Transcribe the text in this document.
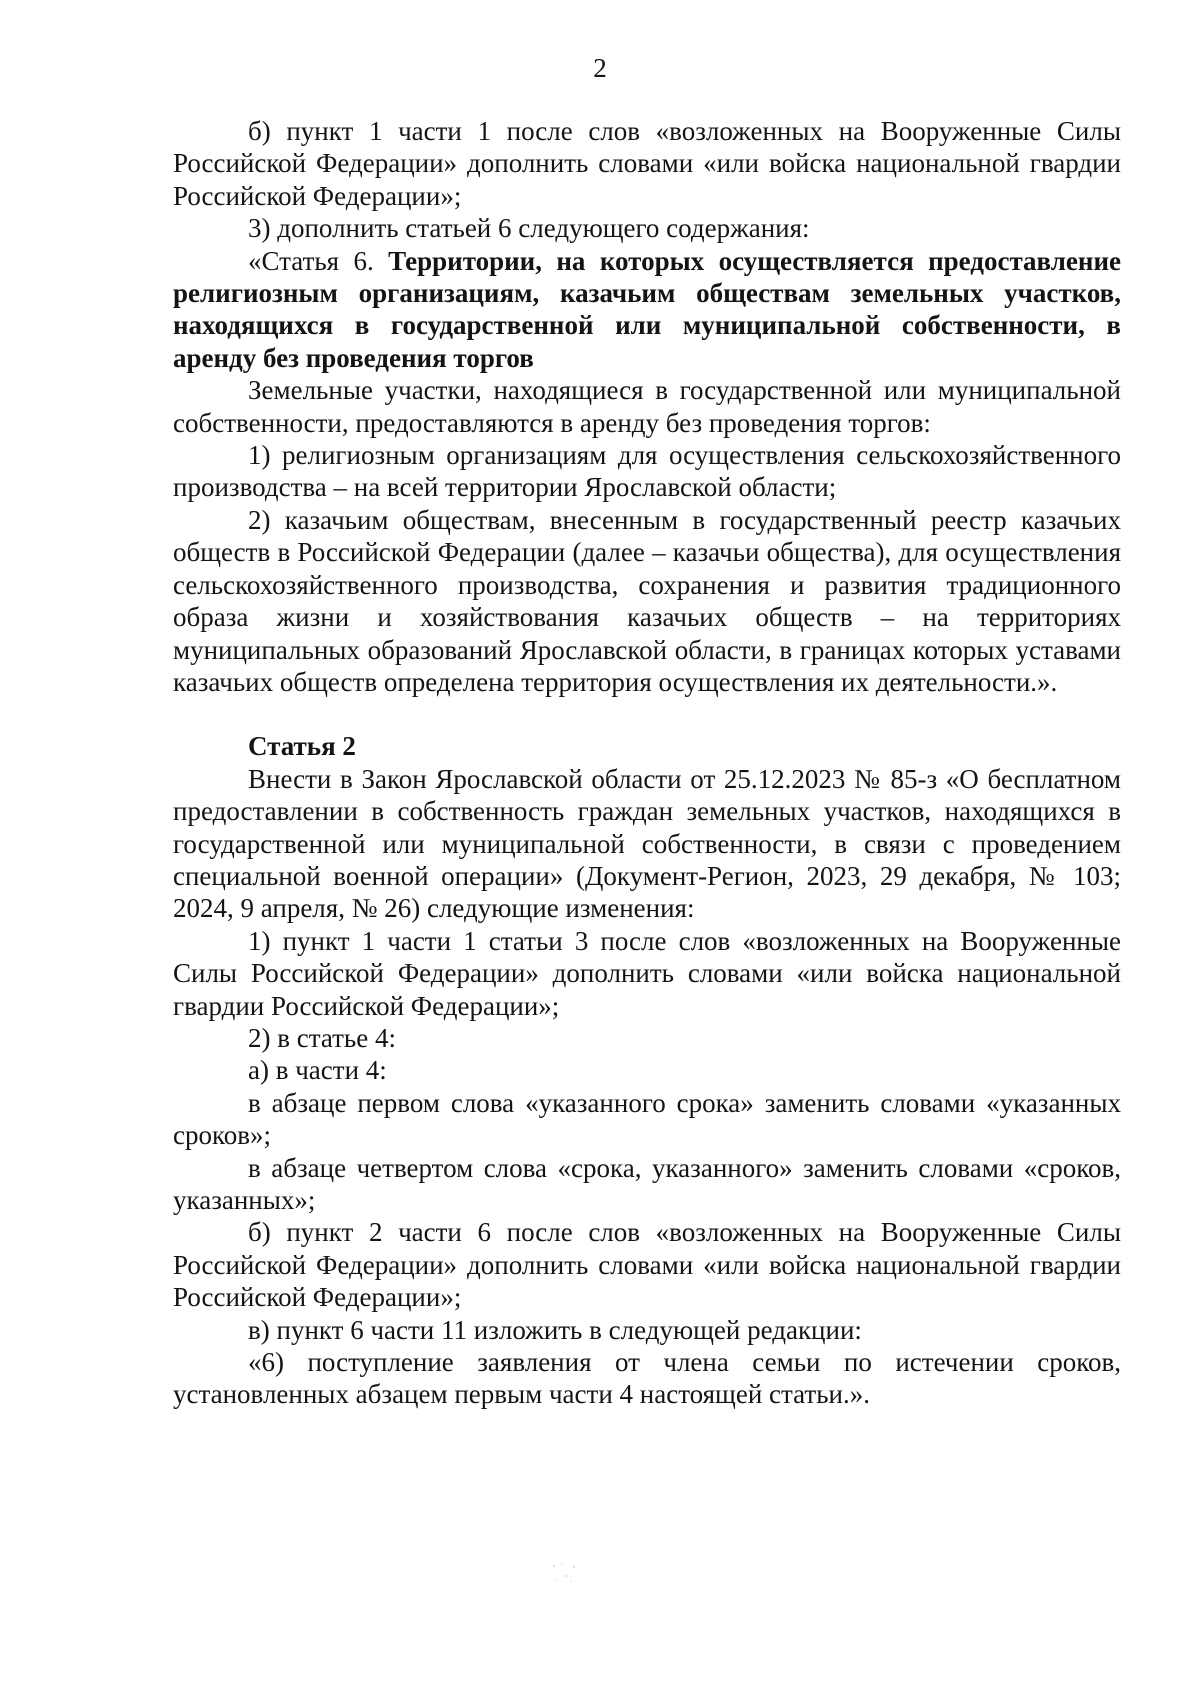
2

б) пункт 1 части 1 после слов «возложенных на Вооруженные Силы Российской Федерации» дополнить словами «или войска национальной гвардии Российской Федерации»;

3) дополнить статьей 6 следующего содержания:

«Статья 6. Территории, на которых осуществляется предоставление религиозным организациям, казачьим обществам земельных участков, находящихся в государственной или муниципальной собственности, в аренду без проведения торгов

Земельные участки, находящиеся в государственной или муниципальной собственности, предоставляются в аренду без проведения торгов:

1) религиозным организациям для осуществления сельскохозяйственного производства – на всей территории Ярославской области;

2) казачьим обществам, внесенным в государственный реестр казачьих обществ в Российской Федерации (далее – казачьи общества), для осуществления сельскохозяйственного производства, сохранения и развития традиционного образа жизни и хозяйствования казачьих обществ – на территориях муниципальных образований Ярославской области, в границах которых уставами казачьих обществ определена территория осуществления их деятельности.».

Статья 2

Внести в Закон Ярославской области от 25.12.2023 № 85-з «О бесплатном предоставлении в собственность граждан земельных участков, находящихся в государственной или муниципальной собственности, в связи с проведением специальной военной операции» (Документ-Регион, 2023, 29 декабря, № 103; 2024, 9 апреля, № 26) следующие изменения:

1) пункт 1 части 1 статьи 3 после слов «возложенных на Вооруженные Силы Российской Федерации» дополнить словами «или войска национальной гвардии Российской Федерации»;

2) в статье 4:

а) в части 4:

в абзаце первом слова «указанного срока» заменить словами «указанных сроков»;

в абзаце четвертом слова «срока, указанного» заменить словами «сроков, указанных»;

б) пункт 2 части 6 после слов «возложенных на Вооруженные Силы Российской Федерации» дополнить словами «или войска национальной гвардии Российской Федерации»;

в) пункт 6 части 11 изложить в следующей редакции:

«6) поступление заявления от члена семьи по истечении сроков, установленных абзацем первым части 4 настоящей статьи.».
